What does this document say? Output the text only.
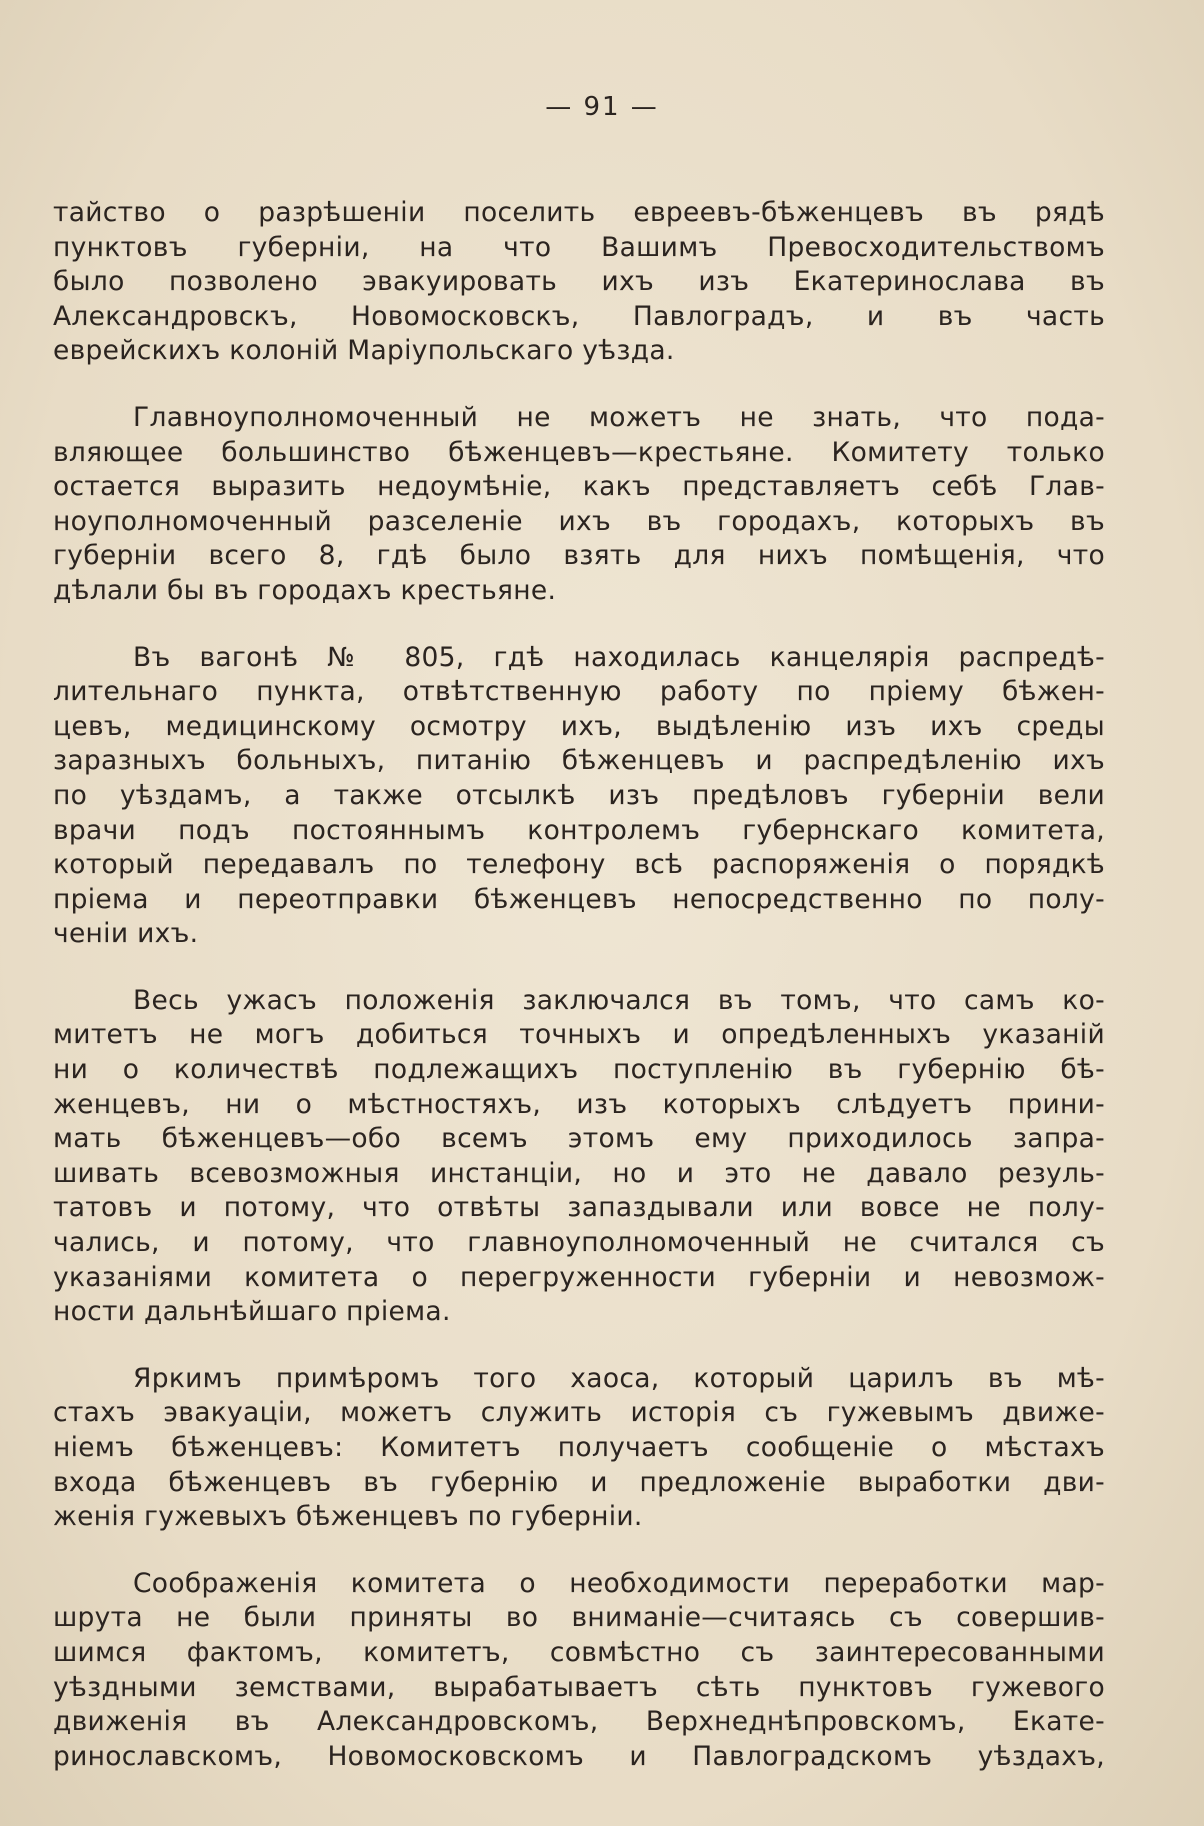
— 91 —
тайство о разрѣшенiи поселить евреевъ-бѣженцевъ въ рядѣ
пунктовъ губернiи, на что Вашимъ Превосходительствомъ
было позволено эвакуировать ихъ изъ Екатеринослава въ
Александровскъ, Новомосковскъ, Павлоградъ, и въ часть
еврейскихъ колонiй Марiупольскаго уѣзда.
Главноуполномоченный не можетъ не знать, что пода-
вляющее большинство бѣженцевъ—крестьяне. Комитету только
остается выразить недоумѣнiе, какъ представляетъ себѣ Глав-
ноуполномоченный разселенiе ихъ въ городахъ, которыхъ въ
губернiи всего 8, гдѣ было взять для нихъ помѣщенiя, что
дѣлали бы въ городахъ крестьяне.
Въ вагонѣ № 805, гдѣ находилась канцелярiя распредѣ-
лительнаго пункта, отвѣтственную работу по прiему бѣжен-
цевъ, медицинскому осмотру ихъ, выдѣленiю изъ ихъ среды
заразныхъ больныхъ, питанiю бѣженцевъ и распредѣленiю ихъ
по уѣздамъ, а также отсылкѣ изъ предѣловъ губернiи вели
врачи подъ постояннымъ контролемъ губернскаго комитета,
который передавалъ по телефону всѣ распоряженiя о порядкѣ
прiема и переотправки бѣженцевъ непосредственно по полу-
ченiи ихъ.
Весь ужасъ положенiя заключался въ томъ, что самъ ко-
митетъ не могъ добиться точныхъ и опредѣленныхъ указанiй
ни о количествѣ подлежащихъ поступленiю въ губернiю бѣ-
женцевъ, ни о мѣстностяхъ, изъ которыхъ слѣдуетъ прини-
мать бѣженцевъ—обо всемъ этомъ ему приходилось запра-
шивать всевозможныя инстанцiи, но и это не давало резуль-
татовъ и потому, что отвѣты запаздывали или вовсе не полу-
чались, и потому, что главноуполномоченный не считался съ
указанiями комитета о перегруженности губернiи и невозмож-
ности дальнѣйшаго прiема.
Яркимъ примѣромъ того хаоса, который царилъ въ мѣ-
стахъ эвакуацiи, можетъ служить исторiя съ гужевымъ движе-
нiемъ бѣженцевъ: Комитетъ получаетъ сообщенiе о мѣстахъ
входа бѣженцевъ въ губернiю и предложенiе выработки дви-
женiя гужевыхъ бѣженцевъ по губернiи.
Соображенiя комитета о необходимости переработки мар-
шрута не были приняты во вниманiе—считаясь съ совершив-
шимся фактомъ, комитетъ, совмѣстно съ заинтересованными
уѣздными земствами, вырабатываетъ сѣть пунктовъ гужевого
движенiя въ Александровскомъ, Верхнеднѣпровскомъ, Екате-
ринославскомъ, Новомосковскомъ и Павлоградскомъ уѣздахъ,
